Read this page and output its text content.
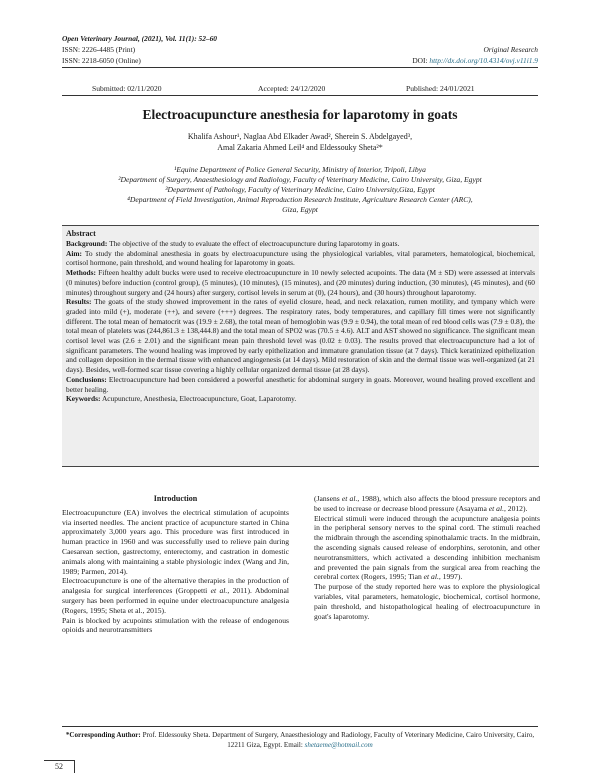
Open Veterinary Journal, (2021), Vol. 11(1): 52–60
ISSN: 2226-4485 (Print)
ISSN: 2218-6050 (Online)
Original Research
DOI: http://dx.doi.org/10.4314/ovj.v11i1.9
Submitted: 02/11/2020	Accepted: 24/12/2020	Published: 24/01/2021
Electroacupuncture anesthesia for laparotomy in goats
Khalifa Ashour¹, Naglaa Abd Elkader Awad², Sherein S. Abdelgayed³,
Amal Zakaria Ahmed Leil⁴ and Eldessouky Sheta²*
¹Equine Department of Police General Security, Ministry of Interior, Tripoli, Libya
²Department of Surgery, Anaesthesiology and Radiology, Faculty of Veterinary Medicine, Cairo University, Giza, Egypt
³Department of Pathology, Faculty of Veterinary Medicine, Cairo University,Giza, Egypt
⁴Department of Field Investigation, Animal Reproduction Research Institute, Agriculture Research Center (ARC),
Giza, Egypt
Abstract

Background: The objective of the study to evaluate the effect of electroacupuncture during laparotomy in goats.

Aim: To study the abdominal anesthesia in goats by electroacupuncture using the physiological variables, vital parameters, hematological, biochemical, cortisol hormone, pain threshold, and wound healing for laparotomy in goats.

Methods: Fifteen healthy adult bucks were used to receive electroacupuncture in 10 newly selected acupoints. The data (M ± SD) were assessed at intervals (0 minutes) before induction (control group), (5 minutes), (10 minutes), (15 minutes), and (20 minutes) during induction, (30 minutes), (45 minutes), and (60 minutes) throughout surgery and (24 hours) after surgery, cortisol levels in serum at (0), (24 hours), and (30 hours) throughout laparotomy.

Results: The goats of the study showed improvement in the rates of eyelid closure, head, and neck relaxation, rumen motility, and tympany which were graded into mild (+), moderate (++), and severe (+++) degrees. The respiratory rates, body temperatures, and capillary fill times were not significantly different. The total mean of hematocrit was (19.9 ± 2.68), the total mean of hemoglobin was (9.9 ± 0.94), the total mean of red blood cells was (7.9 ± 0.8), the total mean of platelets was (244,861.3 ± 138,444.8) and the total mean of SPO2 was (70.5 ± 4.6). ALT and AST showed no significance. The significant mean cortisol level was (2.6 ± 2.01) and the significant mean pain threshold level was (0.02 ± 0.03). The results proved that electroacupuncture had a lot of significant parameters. The wound healing was improved by early epithelization and immature granulation tissue (at 7 days). Thick keratinized epithelization and collagen deposition in the dermal tissue with enhanced angiogenesis (at 14 days). Mild restoration of skin and the dermal tissue was well-organized (at 21 days). Besides, well-formed scar tissue covering a highly cellular organized dermal tissue (at 28 days).

Conclusions: Electroacupuncture had been considered a powerful anesthetic for abdominal surgery in goats. Moreover, wound healing proved excellent and better healing.

Keywords: Acupuncture, Anesthesia, Electroacupuncture, Goat, Laparotomy.

Introduction

Electroacupuncture (EA) involves the electrical stimulation of acupoints via inserted needles. The ancient practice of acupuncture started in China approximately 3,000 years ago. This procedure was first introduced in human practice in 1960 and was successfully used to relieve pain during Caesarean section, gastrectomy, enterectomy, and castration in domestic animals along with maintaining a stable physiologic index (Wang and Jin, 1989; Parmen, 2014).

Electroacupuncture is one of the alternative therapies in the production of analgesia for surgical interferences (Groppetti et al., 2011). Abdominal surgery has been performed in equine under electroacupuncture analgesia (Rogers, 1995; Sheta et al., 2015).

Pain is blocked by acupoints stimulation with the release of endogenous opioids and neurotransmitters

(Jansens et al., 1988), which also affects the blood pressure receptors and be used to increase or decrease blood pressure (Asayama et al., 2012).

Electrical stimuli were induced through the acupuncture analgesia points in the peripheral sensory nerves to the spinal cord. The stimuli reached the midbrain through the ascending spinothalamic tracts. In the midbrain, the ascending signals caused release of endorphins, serotonin, and other neurotransmitters, which activated a descending inhibition mechanism and prevented the pain signals from the surgical area from reaching the cerebral cortex (Rogers, 1995; Tian et al., 1997).

The purpose of the study reported here was to explore the physiological variables, vital parameters, hematologic, biochemical, cortisol hormone, pain threshold, and histopathological healing of electroacupuncture in goat's laparotomy.

*Corresponding Author: Prof. Eldessouky Sheta. Department of Surgery, Anaesthesiology and Radiology, Faculty of Veterinary Medicine, Cairo University, Cairo, 12211 Giza, Egypt. Email: shetaeme@hotmail.com
52
